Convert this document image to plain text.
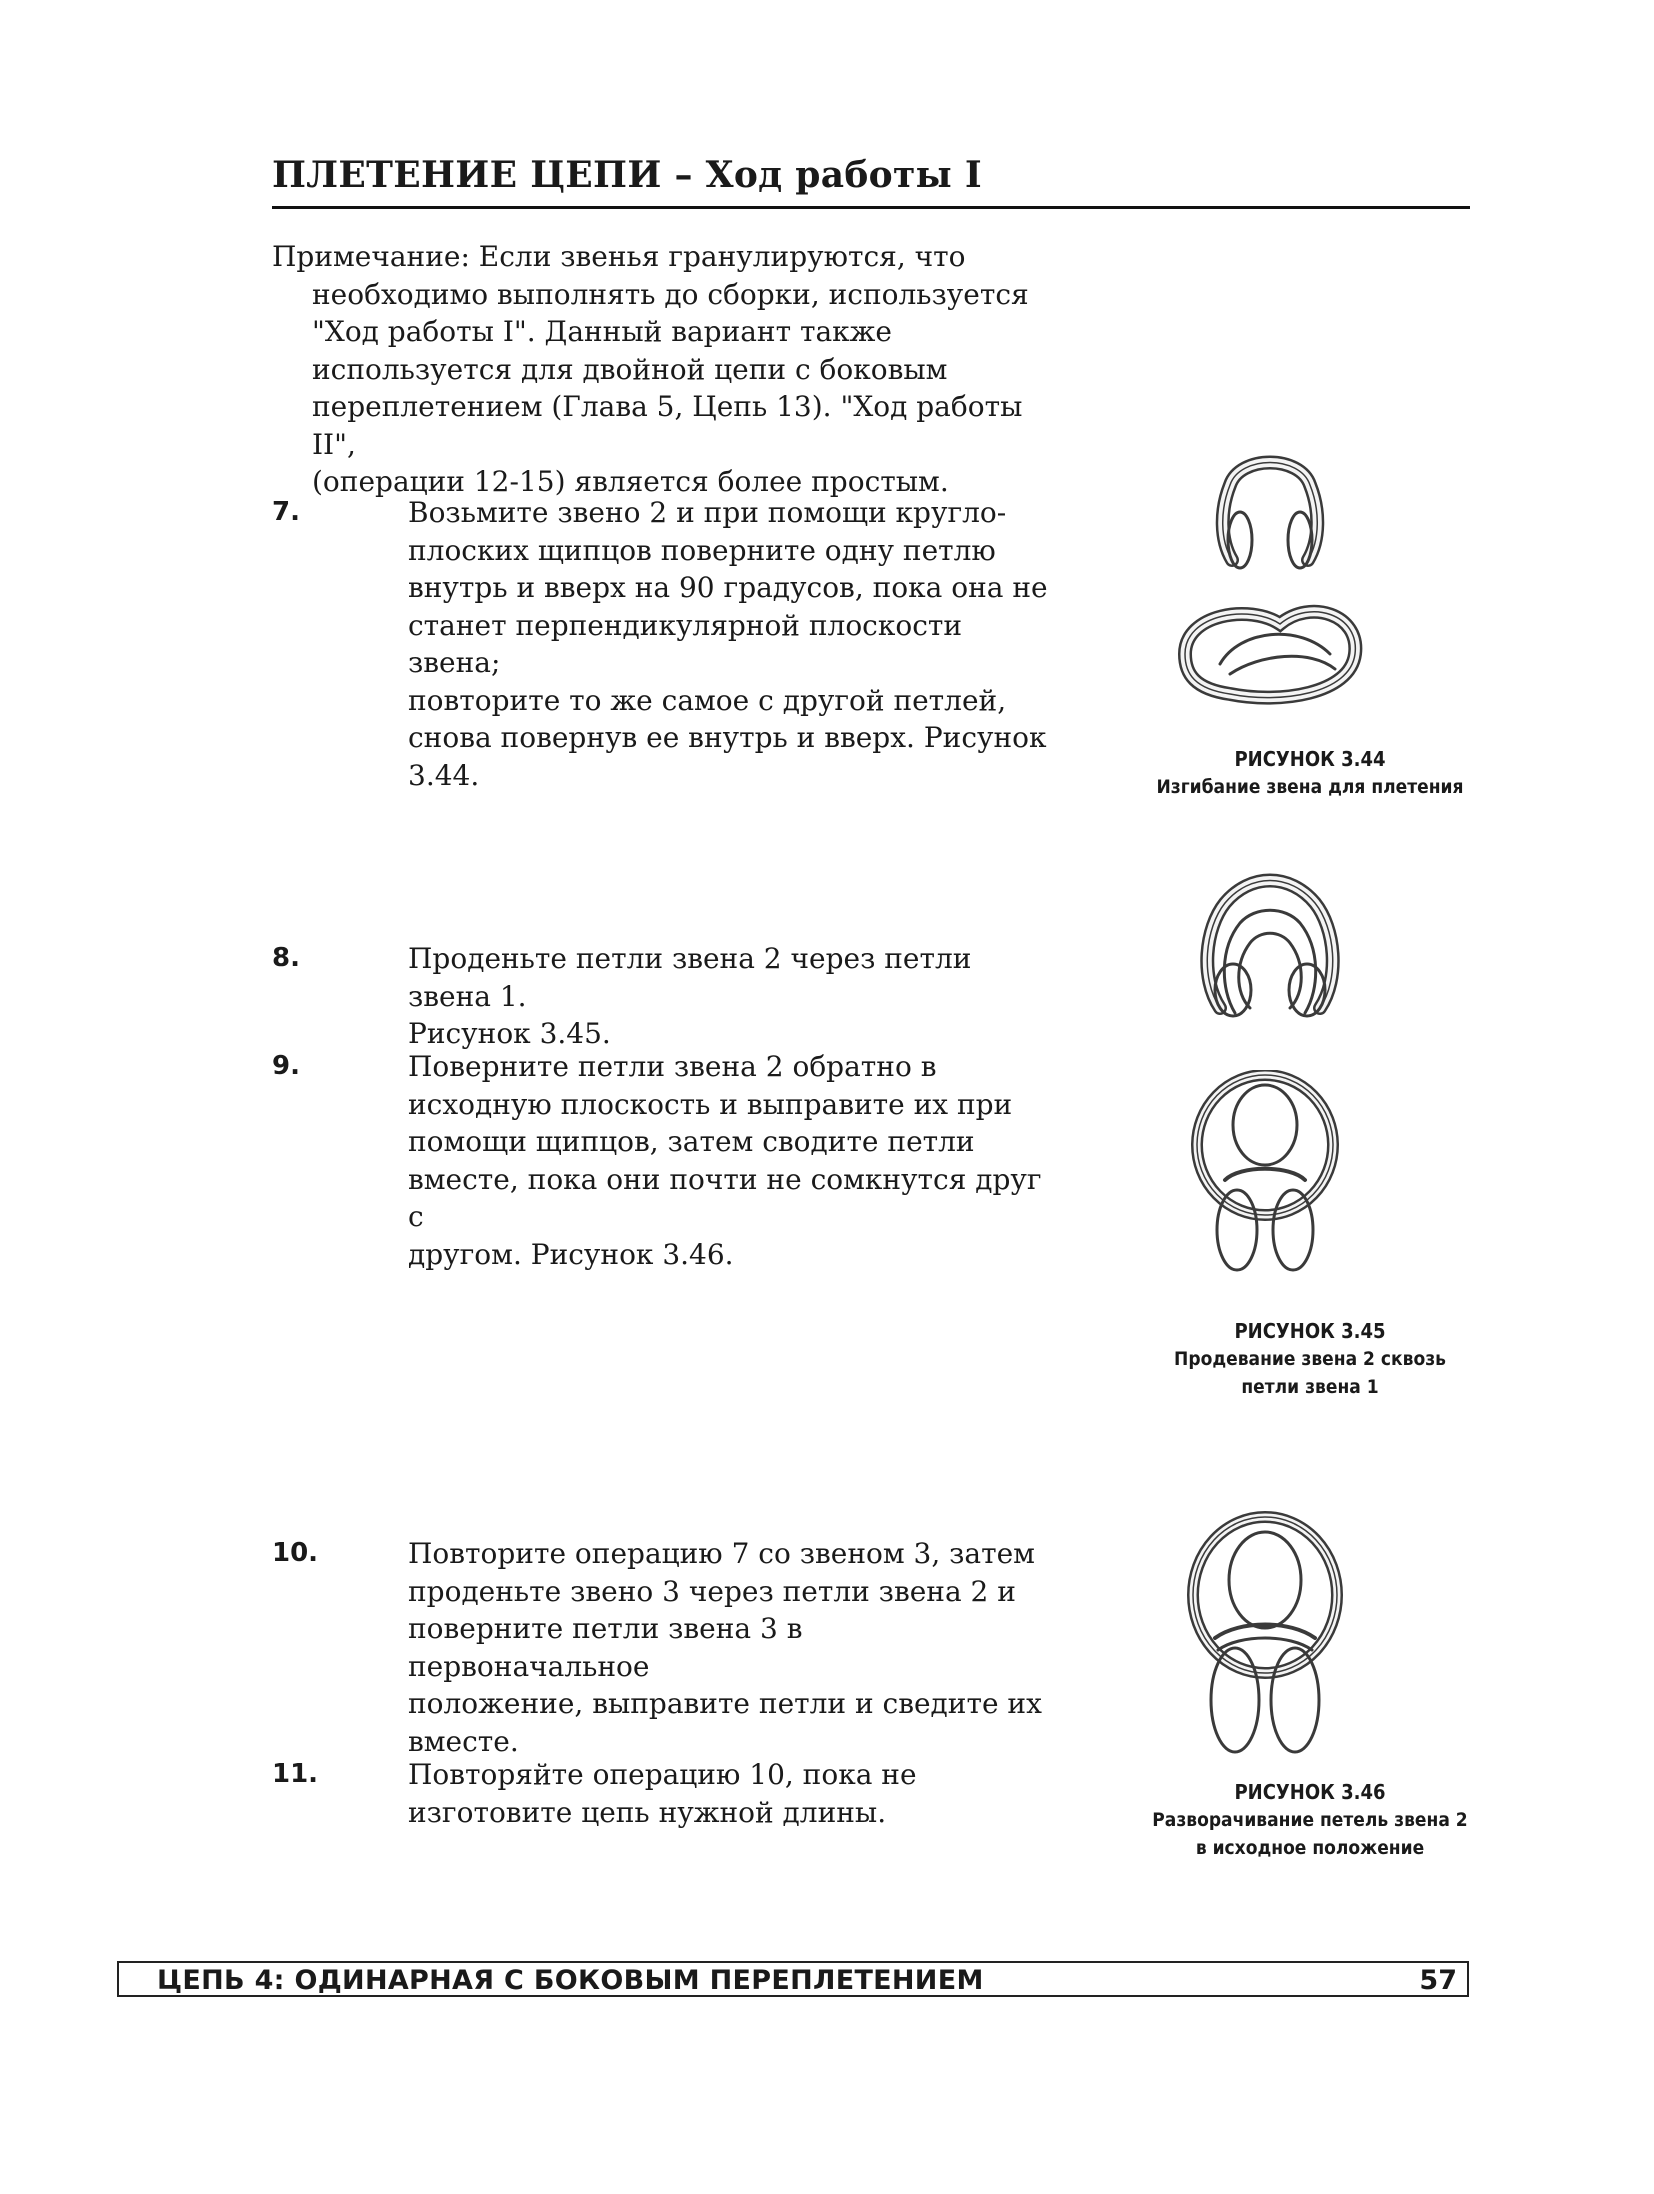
ПЛЕТЕНИЕ ЦЕПИ – Ход работы I
Примечание: Если звенья гранулируются, что
необходимо выполнять до сборки, используется
"Ход работы I". Данный вариант также
используется для двойной цепи с боковым
переплетением (Глава 5, Цепь 13). "Ход работы II",
(операции 12-15) является более простым.
7.	Возьмите звено 2 и при помощи кругло-
плоских щипцов поверните одну петлю
внутрь и вверх на 90 градусов, пока она не
станет перпендикулярной плоскости звена;
повторите то же самое с другой петлей,
снова повернув ее внутрь и вверх. Рисунок
3.44.
8.	Проденьте петли звена 2 через петли звена 1.
Рисунок 3.45.
9.	Поверните петли звена 2 обратно в
исходную плоскость и выправите их при
помощи щипцов, затем сводите петли
вместе, пока они почти не сомкнутся друг с
другом. Рисунок 3.46.
10.	Повторите операцию 7 со звеном 3, затем
проденьте звено 3 через петли звена 2 и
поверните петли звена 3 в первоначальное
положение, выправите петли и сведите их
вместе.
11.	Повторяйте операцию 10, пока не
изготовите цепь нужной длины.
РИСУНОК 3.44
Изгибание звена для плетения
РИСУНОК 3.45
Продевание звена 2 сквозь
петли звена 1
РИСУНОК 3.46
Разворачивание петель звена 2
в исходное положение
ЦЕПЬ 4: ОДИНАРНАЯ С БОКОВЫМ ПЕРЕПЛЕТЕНИЕМ	57
